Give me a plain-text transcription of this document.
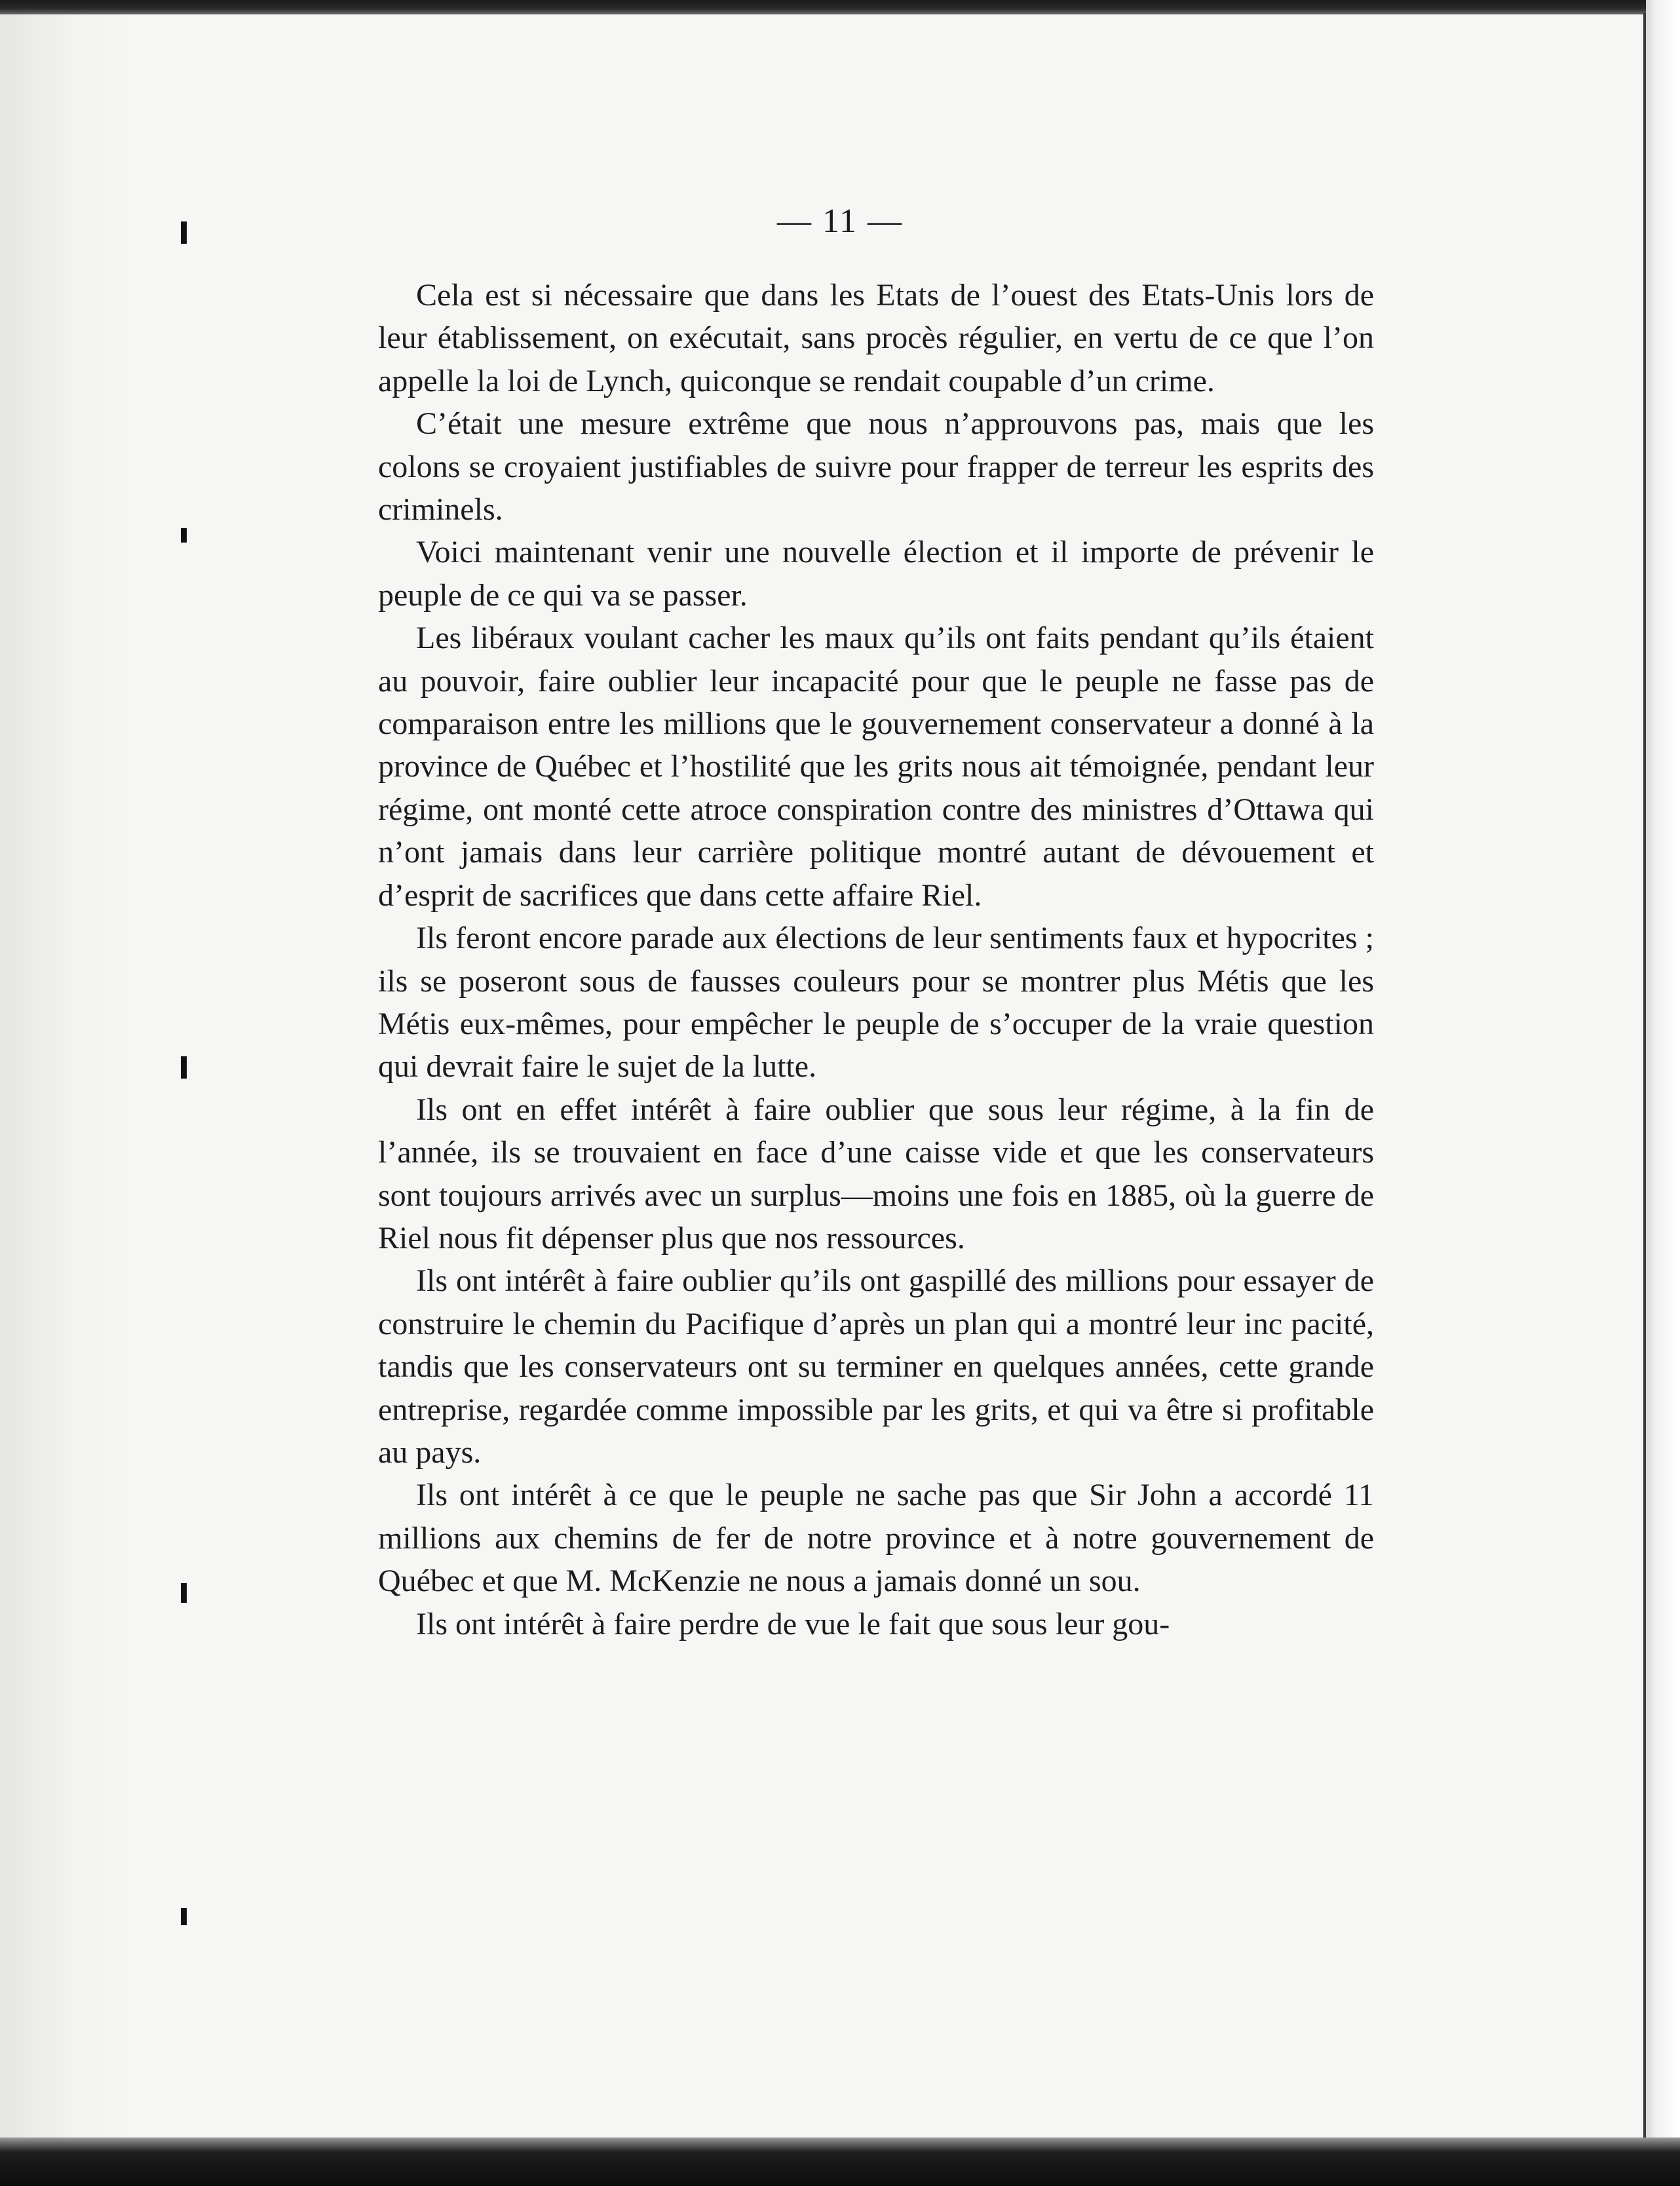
— 11 —

Cela est si nécessaire que dans les Etats de l’ouest des Etats-Unis lors de leur établissement, on exécutait, sans procès régulier, en vertu de ce que l’on appelle la loi de Lynch, quiconque se rendait coupable d’un crime.

C’était une mesure extrême que nous n’approuvons pas, mais que les colons se croyaient justifiables de suivre pour frapper de terreur les esprits des criminels.

Voici maintenant venir une nouvelle élection et il importe de prévenir le peuple de ce qui va se passer.

Les libéraux voulant cacher les maux qu’ils ont faits pendant qu’ils étaient au pouvoir, faire oublier leur incapacité pour que le peuple ne fasse pas de comparaison entre les millions que le gouvernement conservateur a donné à la province de Québec et l’hostilité que les grits nous ait témoignée, pendant leur régime, ont monté cette atroce conspiration contre des ministres d’Ottawa qui n’ont jamais dans leur carrière politique montré autant de dévouement et d’esprit de sacrifices que dans cette affaire Riel.

Ils feront encore parade aux élections de leur sentiments faux et hypocrites ; ils se poseront sous de fausses couleurs pour se montrer plus Métis que les Métis eux-mêmes, pour empêcher le peuple de s’occuper de la vraie question qui devrait faire le sujet de la lutte.

Ils ont en effet intérêt à faire oublier que sous leur régime, à la fin de l’année, ils se trouvaient en face d’une caisse vide et que les conservateurs sont toujours arrivés avec un surplus—moins une fois en 1885, où la guerre de Riel nous fit dépenser plus que nos ressources.

Ils ont intérêt à faire oublier qu’ils ont gaspillé des millions pour essayer de construire le chemin du Pacifique d’après un plan qui a montré leur inc pacité, tandis que les conservateurs ont su terminer en quelques années, cette grande entreprise, regardée comme impossible par les grits, et qui va être si profitable au pays.

Ils ont intérêt à ce que le peuple ne sache pas que Sir John a accordé 11 millions aux chemins de fer de notre province et à notre gouvernement de Québec et que M. McKenzie ne nous a jamais donné un sou.

Ils ont intérêt à faire perdre de vue le fait que sous leur gou-
